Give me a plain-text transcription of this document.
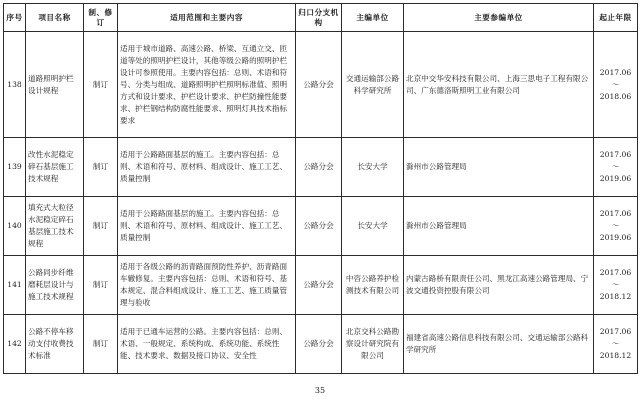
序号	项目名称	制、修订	适用范围和主要内容	归口分支机构	主编单位	主要参编单位	起止年限
138	道路照明护栏设计规程	制订	适用于城市道路、高速公路、桥梁、互通立交、匝道等处的照明护栏设计，其他等级公路的照明护栏设计可参照使用。主要内容包括：总则、术语和符号、分类与组成、道路照明护栏照明标准值、照明方式和设计要求、护栏设计要求、护栏防撞性能要求、护栏钢结构防腐性能要求、照明灯具技术指标要求	公路分会	交通运输部公路科学研究所	北京中交华安科技有限公司、上海三思电子工程有限公司、广东德洛斯照明工业有限公司	2017.06
～
2018.06

139	改性水泥稳定碎石基层施工技术规程	制订	适用于公路路面基层的施工。主要内容包括：总则、术语和符号、原材料、组成设计、施工工艺、质量控制	公路分会	长安大学	滁州市公路管理局	2017.06
～
2019.06

140	填充式大粒径水泥稳定碎石基层施工技术规程	制订	适用于公路路面基层的施工。主要内容包括：总则、术语和符号、原材料、组成设计、施工工艺、质量控制	公路分会	长安大学	滁州市公路管理局	2017.06
～
2019.06

141	公路同步纤维磨耗层设计与施工技术规程	制订	适用于各级公路的沥青路面预防性养护、沥青路面车辙修复。主要内容包括：总则、术语和符号、基本规定、混合料组成设计、施工工艺、施工质量管理与验收	公路分会	中咨公路养护检测技术有限公司	内蒙古路桥有限责任公司、黑龙江高速公路管理局、宁波交通投资控股有限公司	2017.06
～
2018.12

142	公路不停车移动支付收费技术标准	制订	适用于已通车运营的公路。主要内容包括：总则、术语、一般规定、系统构成、系统功能、系统性能、技术要求、数据及接口协议、安全性	公路分会	北京交科公路勘察设计研究院有限公司	福建省高速公路信息科技有限公司、交通运输部公路科学研究所	2017.06
～
2018.12
35
